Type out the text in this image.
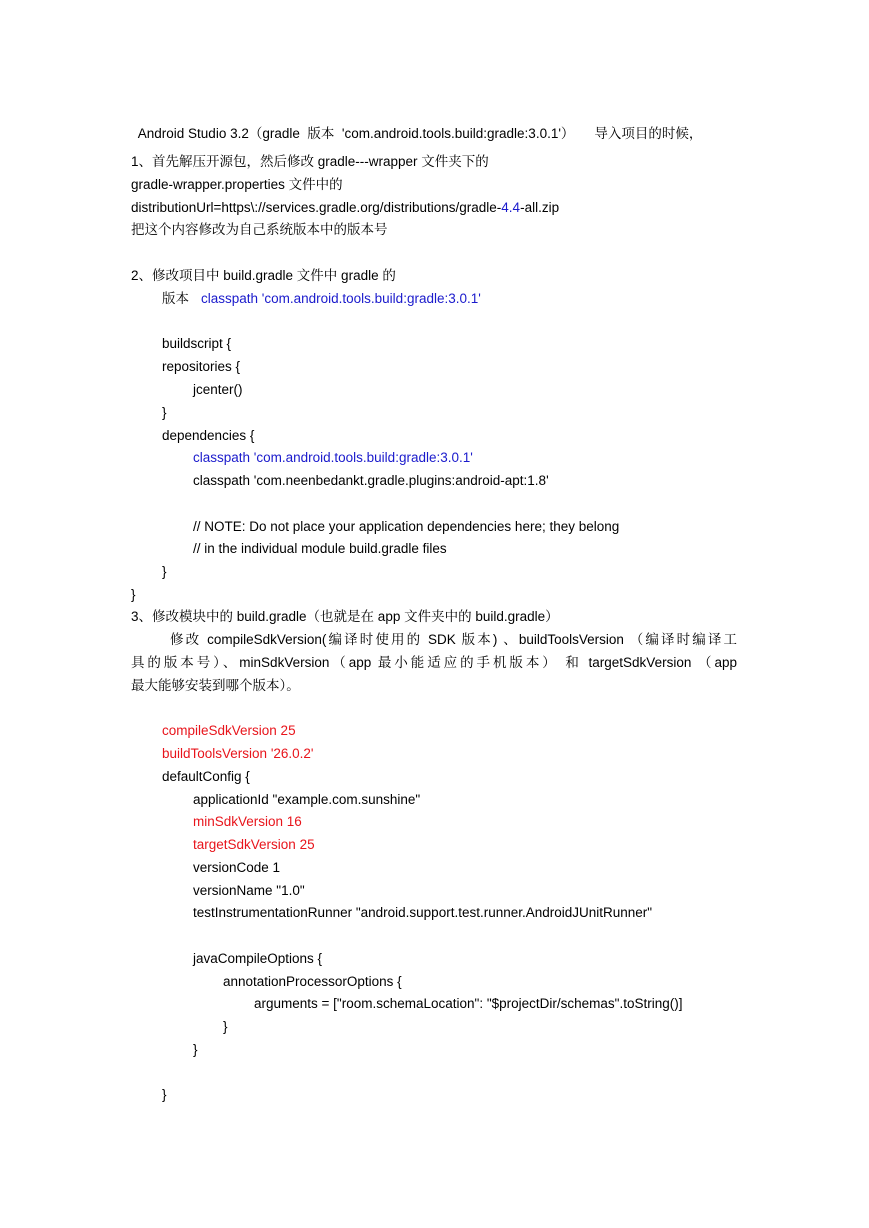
Android Studio 3.2（gradle  版本  'com.android.tools.build:gradle:3.0.1'） 导入项目的时候，

1、首先解压开源包，然后修改 gradle---wrapper 文件夹下的
gradle-wrapper.properties 文件中的
distributionUrl=https\://services.gradle.org/distributions/gradle-4.4-all.zip
把这个内容修改为自己系统版本中的版本号
2、修改项目中 build.gradle 文件中 gradle 的
版本 classpath 'com.android.tools.build:gradle:3.0.1'
buildscript {
repositories {
jcenter()
}
dependencies {
classpath 'com.android.tools.build:gradle:3.0.1'
classpath 'com.neenbedankt.gradle.plugins:android-apt:1.8'
// NOTE: Do not place your application dependencies here; they belong
// in the individual module build.gradle files
}
}
3、修改模块中的 build.gradle（也就是在 app 文件夹中的 build.gradle）
修改 compileSdkVersion(编译时使用的 SDK 版本) 、buildToolsVersion （编译时编译工
具的版本号）、minSdkVersion（app 最小能适应的手机版本） 和 targetSdkVersion （app
最大能够安装到哪个版本）。
compileSdkVersion 25
buildToolsVersion '26.0.2'
defaultConfig {
applicationId "example.com.sunshine"
minSdkVersion 16
targetSdkVersion 25
versionCode 1
versionName "1.0"
testInstrumentationRunner "android.support.test.runner.AndroidJUnitRunner"
javaCompileOptions {
annotationProcessorOptions {
arguments = ["room.schemaLocation": "$projectDir/schemas".toString()]
}
}
}
